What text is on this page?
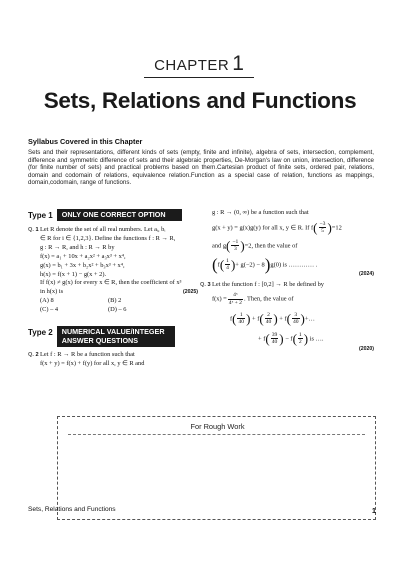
CHAPTER 1
Sets, Relations and Functions
Syllabus Covered in this Chapter
Sets and their representations, different kinds of sets (empty, finite and infinite), algebra of sets, intersection, complement, difference and symmetric difference of sets and their algebraic properties, De-Morgan's law on union, intersection, difference (for finite number of sets) and practical problems based on them.Cartesian product of finite sets, ordered pair, relations, domain and codomain of relations, equivalence relation.Function as a special case of relation, functions as mappings, domain,codomain, range of functions.
Type 1	ONLY ONE CORRECT OPTION
Q. 1 Let R denote the set of all real numbers. Let aᵢ, bᵢ
∈ R for i ∈ {1,2,3}. Define the functions f : R → R,
g : R → R, and h : R → R by
f(x) = a₁ + 10x + a₂x² + a₃x³ + x⁴,
g(x) = b₁ + 3x + b₂x² + b₃x³ + x⁴,
h(x) = f(x + 1) − g(x + 2).
If f(x) ≠ g(x) for every x ∈ R, then the coefficient of x³
in h(x) is	(2025)
(A) 8	(B) 2
(C) – 4	(D) – 6
Type 2	NUMERICAL VALUE/INTEGER ANSWER QUESTIONS
Q. 2 Let f : R → R be a function such that
f(x + y) = f(x) + f(y) for all x, y ∈ R and
g : R → (0, ∞) be a function such that
g(x + y) = g(x)g(y) for all x, y ∈ R. If $f( \frac{-3}{5} )=12$
and $g( \frac{-1}{3} )=2$, then the value of
($f( \frac{1}{4}$ )+ g(−2) − 8)g(0) is ………… .
(2024)
Q. 3 Let the function f : [0,2] → R be defined by
$f(x) = \frac{\text{4ˣ}}{\text{4ˣ + 2}}$ . Then, the value of
$f( \frac{1}{40}$ ) + $f( \frac{2}{40}$ ) + $f( \frac{3}{40}$ )+…
+ $f( \frac{39}{40}$ ) − $f( \frac{1}{2}$ ) is ….
(2020)
For Rough Work
Sets, Relations and Functions	1
